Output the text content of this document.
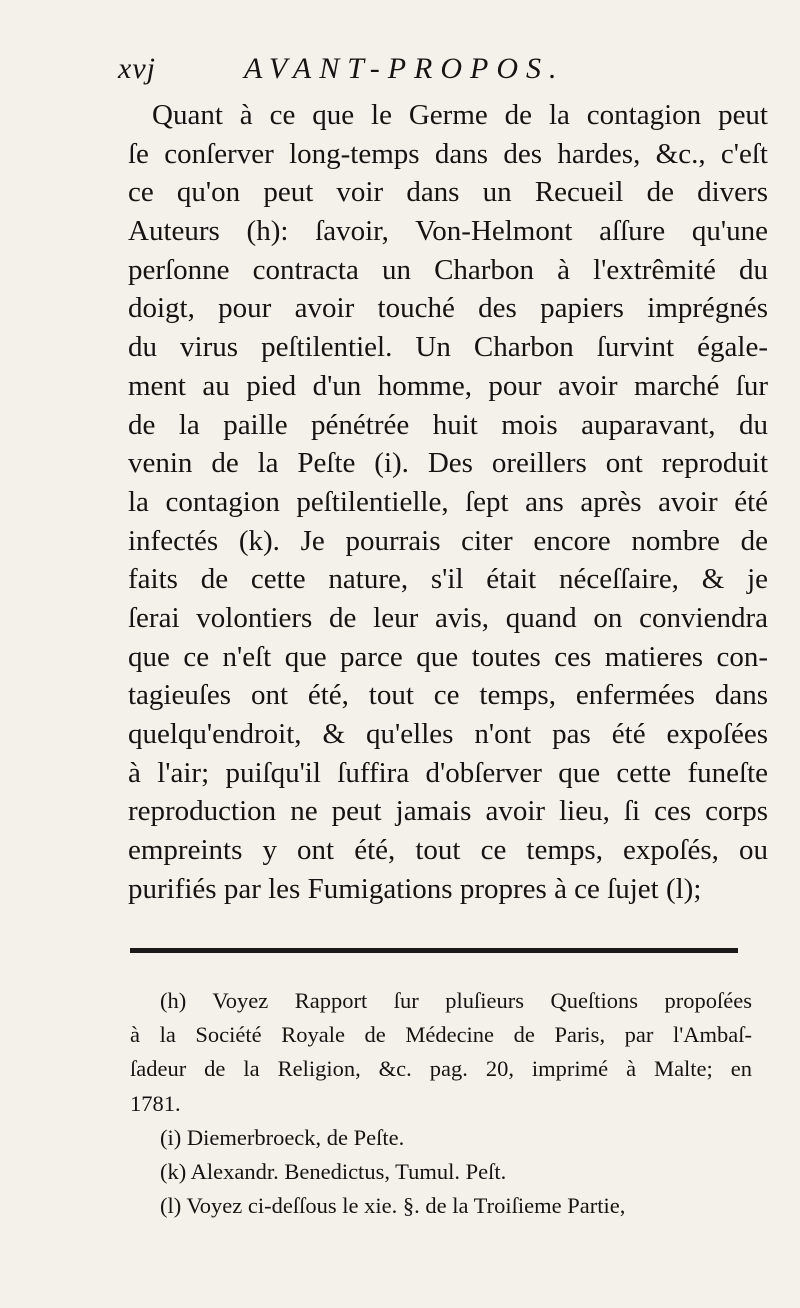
xvj	AVANT-PROPOS.
Quant à ce que le Germe de la contagion peut
ſe conſerver long-temps dans des hardes, &c., c'eſt
ce qu'on peut voir dans un Recueil de divers
Auteurs (h): ſavoir, Von-Helmont aſſure qu'une
perſonne contracta un Charbon à l'extrêmité du
doigt, pour avoir touché des papiers imprégnés
du virus peſtilentiel. Un Charbon ſurvint égale-
ment au pied d'un homme, pour avoir marché ſur
de la paille pénétrée huit mois auparavant, du
venin de la Peſte (i). Des oreillers ont reproduit
la contagion peſtilentielle, ſept ans après avoir été
infectés (k). Je pourrais citer encore nombre de
faits de cette nature, s'il était néceſſaire, & je
ſerai volontiers de leur avis, quand on conviendra
que ce n'eſt que parce que toutes ces matieres con-
tagieuſes ont été, tout ce temps, enfermées dans
quelqu'endroit, & qu'elles n'ont pas été expoſées
à l'air; puiſqu'il ſuffira d'obſerver que cette funeſte
reproduction ne peut jamais avoir lieu, ſi ces corps
empreints y ont été, tout ce temps, expoſés, ou
purifiés par les Fumigations propres à ce ſujet (l);
(h) Voyez Rapport ſur pluſieurs Queſtions propoſées
à la Société Royale de Médecine de Paris, par l'Ambaſ-
ſadeur de la Religion, &c. pag. 20, imprimé à Malte; en
1781.
(i) Diemerbroeck, de Peſte.
(k) Alexandr. Benedictus, Tumul. Peſt.
(l) Voyez ci-deſſous le xie. §. de la Troiſieme Partie,
